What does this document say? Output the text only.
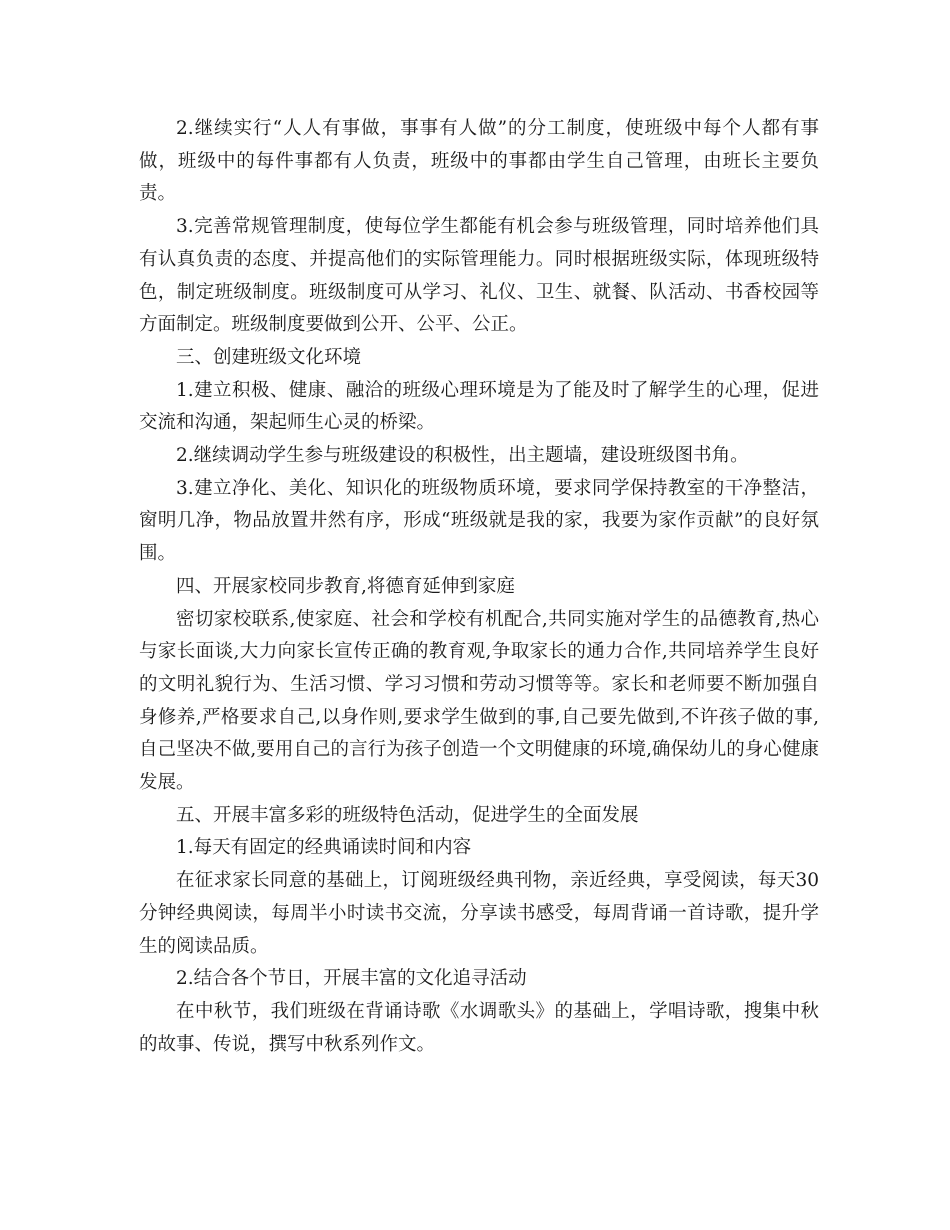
2.继续实行“人人有事做，事事有人做”的分工制度，使班级中每个人都有事做，班级中的每件事都有人负责，班级中的事都由学生自己管理，由班长主要负责。

3.完善常规管理制度，使每位学生都能有机会参与班级管理，同时培养他们具有认真负责的态度、并提高他们的实际管理能力。同时根据班级实际，体现班级特色，制定班级制度。班级制度可从学习、礼仪、卫生、就餐、队活动、书香校园等方面制定。班级制度要做到公开、公平、公正。

三、创建班级文化环境

1.建立积极、健康、融洽的班级心理环境是为了能及时了解学生的心理，促进交流和沟通，架起师生心灵的桥梁。

2.继续调动学生参与班级建设的积极性，出主题墙，建设班级图书角。

3.建立净化、美化、知识化的班级物质环境，要求同学保持教室的干净整洁，窗明几净，物品放置井然有序，形成“班级就是我的家，我要为家作贡献”的良好氛围。

四、开展家校同步教育,将德育延伸到家庭

密切家校联系,使家庭、社会和学校有机配合,共同实施对学生的品德教育,热心与家长面谈,大力向家长宣传正确的教育观,争取家长的通力合作,共同培养学生良好的文明礼貌行为、生活习惯、学习习惯和劳动习惯等等。家长和老师要不断加强自身修养,严格要求自己,以身作则,要求学生做到的事,自己要先做到,不许孩子做的事,自己坚决不做,要用自己的言行为孩子创造一个文明健康的环境,确保幼儿的身心健康发展。

五、开展丰富多彩的班级特色活动，促进学生的全面发展

1.每天有固定的经典诵读时间和内容

在征求家长同意的基础上，订阅班级经典刊物，亲近经典，享受阅读，每天30分钟经典阅读，每周半小时读书交流，分享读书感受，每周背诵一首诗歌，提升学生的阅读品质。

2.结合各个节日，开展丰富的文化追寻活动

在中秋节，我们班级在背诵诗歌《水调歌头》的基础上，学唱诗歌，搜集中秋的故事、传说，撰写中秋系列作文。
